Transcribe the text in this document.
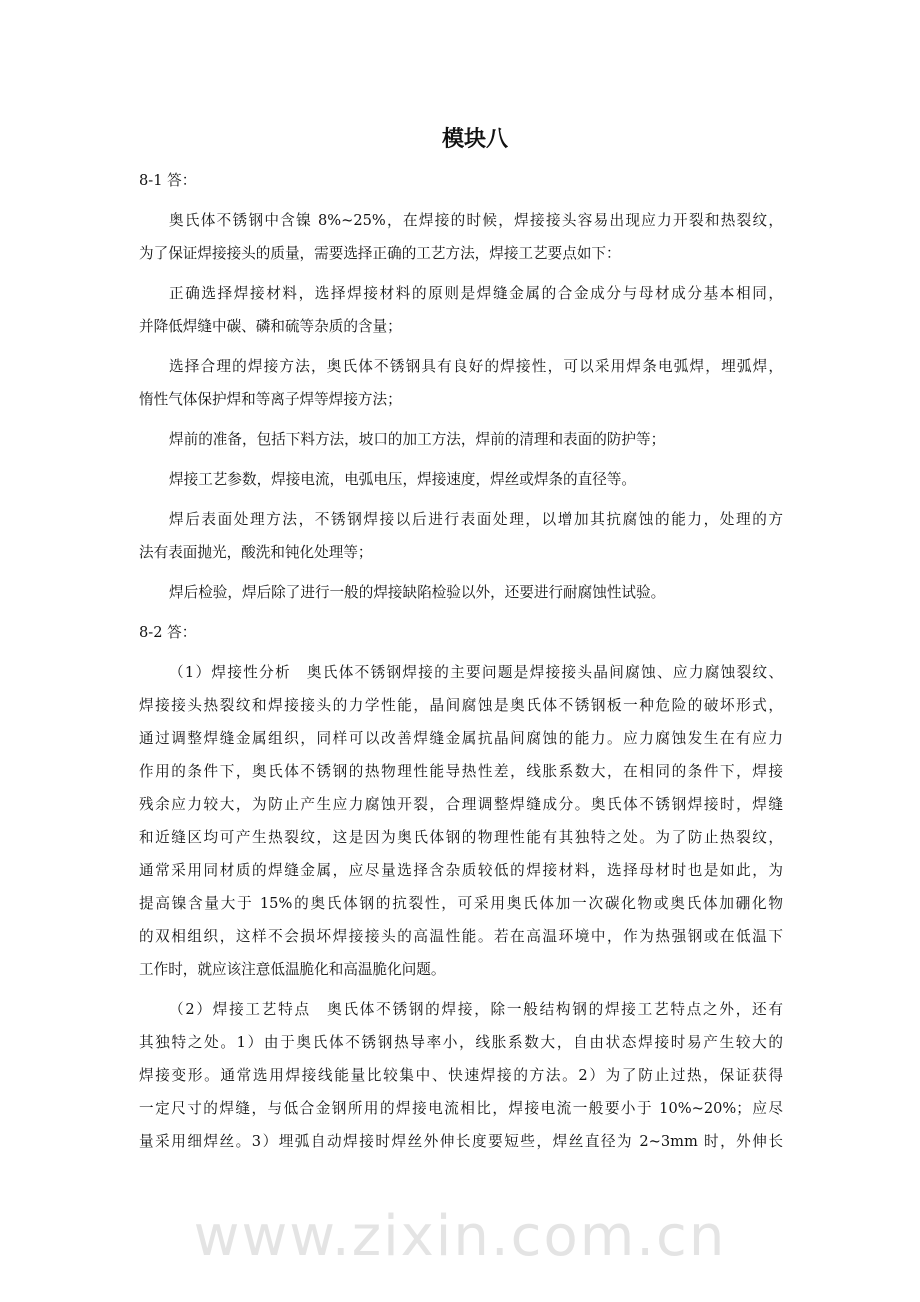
www.zixin.com.cn
模块八
8-1 答：
奥氏体不锈钢中含镍 8%~25%，在焊接的时候，焊接接头容易出现应力开裂和热裂纹，
为了保证焊接接头的质量，需要选择正确的工艺方法，焊接工艺要点如下：
正确选择焊接材料，选择焊接材料的原则是焊缝金属的合金成分与母材成分基本相同，
并降低焊缝中碳、磷和硫等杂质的含量；
选择合理的焊接方法，奥氏体不锈钢具有良好的焊接性，可以采用焊条电弧焊，埋弧焊，
惰性气体保护焊和等离子焊等焊接方法；
焊前的准备，包括下料方法，坡口的加工方法，焊前的清理和表面的防护等；
焊接工艺参数，焊接电流，电弧电压，焊接速度，焊丝或焊条的直径等。
焊后表面处理方法，不锈钢焊接以后进行表面处理，以增加其抗腐蚀的能力，处理的方
法有表面抛光，酸洗和钝化处理等；
焊后检验，焊后除了进行一般的焊接缺陷检验以外，还要进行耐腐蚀性试验。
8-2 答：
（1）焊接性分析　奥氏体不锈钢焊接的主要问题是焊接接头晶间腐蚀、应力腐蚀裂纹、
焊接接头热裂纹和焊接接头的力学性能，晶间腐蚀是奥氏体不锈钢板一种危险的破坏形式，
通过调整焊缝金属组织，同样可以改善焊缝金属抗晶间腐蚀的能力。应力腐蚀发生在有应力
作用的条件下，奥氏体不锈钢的热物理性能导热性差，线胀系数大，在相同的条件下，焊接
残余应力较大，为防止产生应力腐蚀开裂，合理调整焊缝成分。奥氏体不锈钢焊接时，焊缝
和近缝区均可产生热裂纹，这是因为奥氏体钢的物理性能有其独特之处。为了防止热裂纹，
通常采用同材质的焊缝金属，应尽量选择含杂质较低的焊接材料，选择母材时也是如此，为
提高镍含量大于 15%的奥氏体钢的抗裂性，可采用奥氏体加一次碳化物或奥氏体加硼化物
的双相组织，这样不会损坏焊接接头的高温性能。若在高温环境中，作为热强钢或在低温下
工作时，就应该注意低温脆化和高温脆化问题。
（2）焊接工艺特点　奥氏体不锈钢的焊接，除一般结构钢的焊接工艺特点之外，还有
其独特之处。1）由于奥氏体不锈钢热导率小，线胀系数大，自由状态焊接时易产生较大的
焊接变形。通常选用焊接线能量比较集中、快速焊接的方法。2）为了防止过热，保证获得
一定尺寸的焊缝，与低合金钢所用的焊接电流相比，焊接电流一般要小于 10%~20%；应尽
量采用细焊丝。3）埋弧自动焊接时焊丝外伸长度要短些，焊丝直径为 2~3mm 时，外伸长
